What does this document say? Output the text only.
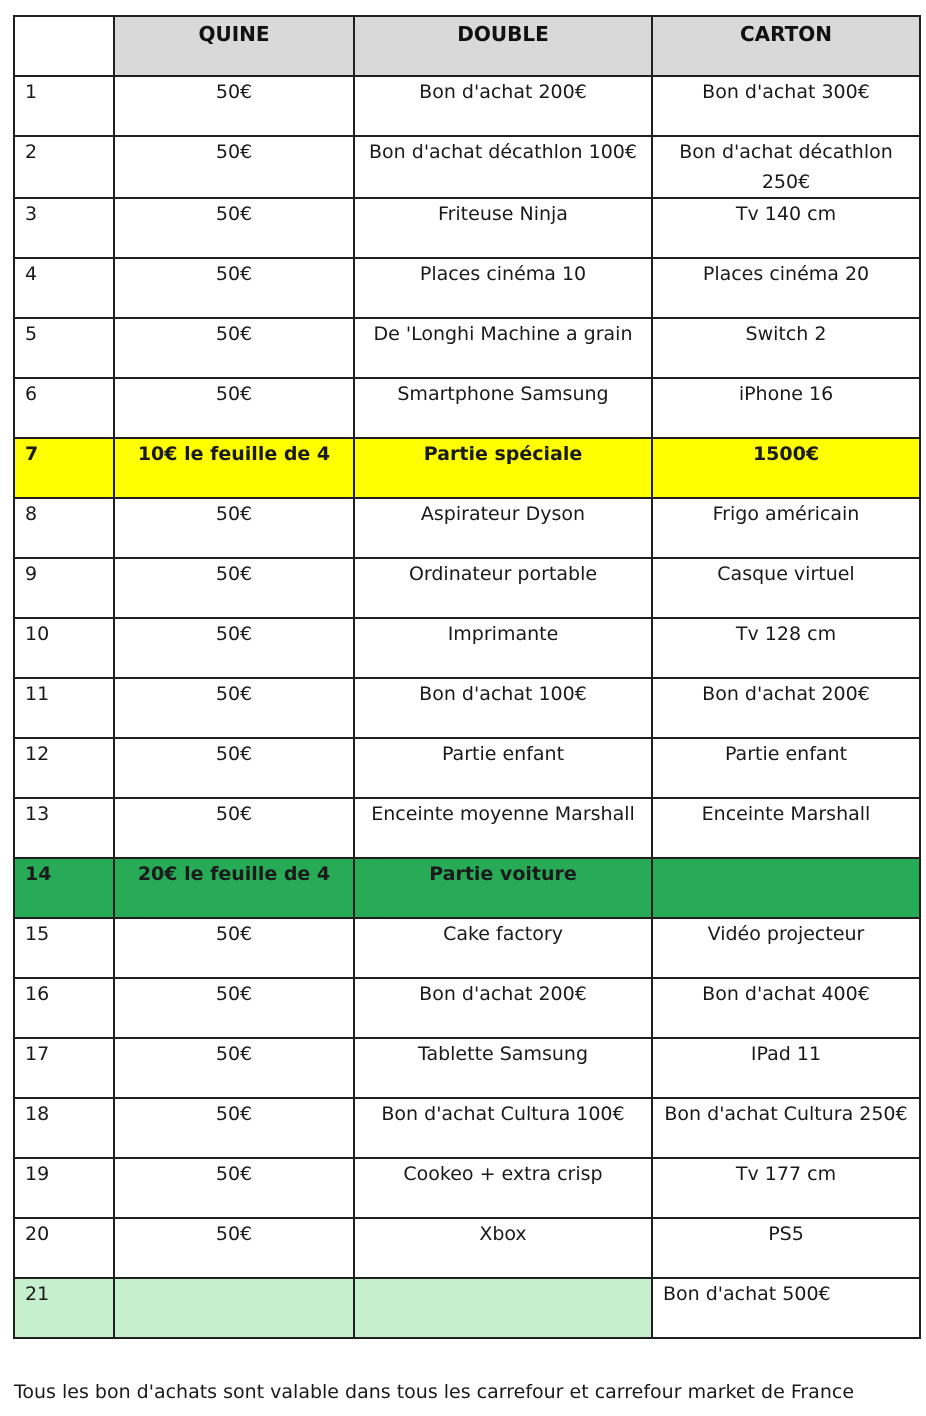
	QUINE	DOUBLE	CARTON
1	50€	Bon d'achat 200€	Bon d'achat 300€
2	50€	Bon d'achat décathlon 100€	Bon d'achat décathlon 250€
3	50€	Friteuse Ninja	Tv 140 cm
4	50€	Places cinéma 10	Places cinéma 20
5	50€	De 'Longhi Machine a grain	Switch 2
6	50€	Smartphone Samsung	iPhone 16
7	10€ le feuille de 4	Partie spéciale	1500€
8	50€	Aspirateur Dyson	Frigo américain
9	50€	Ordinateur portable	Casque virtuel
10	50€	Imprimante	Tv 128 cm
11	50€	Bon d'achat 100€	Bon d'achat 200€
12	50€	Partie enfant	Partie enfant
13	50€	Enceinte moyenne Marshall	Enceinte Marshall
14	20€ le feuille de 4	Partie voiture	
15	50€	Cake factory	Vidéo projecteur
16	50€	Bon d'achat 200€	Bon d'achat 400€
17	50€	Tablette Samsung	IPad 11
18	50€	Bon d'achat Cultura 100€	Bon d'achat Cultura 250€
19	50€	Cookeo + extra crisp	Tv 177 cm
20	50€	Xbox	PS5
21			Bon d'achat 500€
Tous les bon d'achats sont valable dans tous les carrefour et carrefour market de France
